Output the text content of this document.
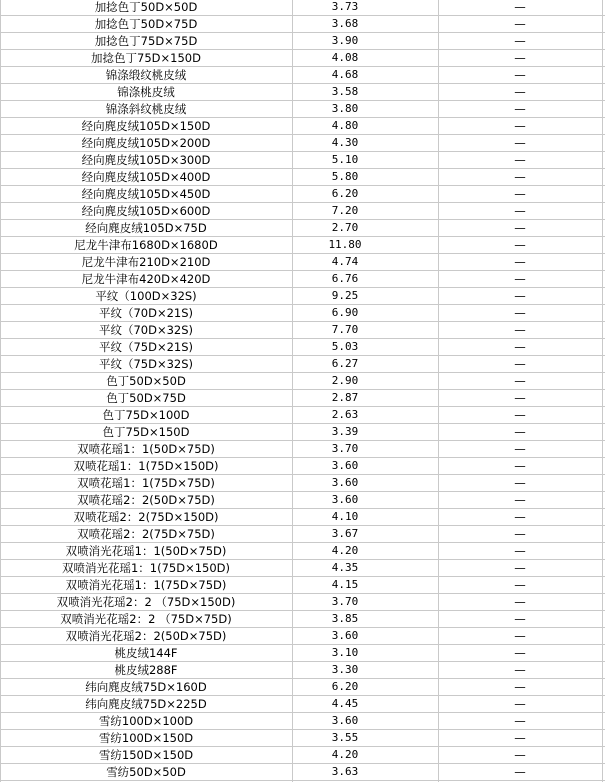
加捻色丁50D×50D	3.73	—
加捻色丁50D×75D	3.68	—
加捻色丁75D×75D	3.90	—
加捻色丁75D×150D	4.08	—
锦涤缎纹桃皮绒	4.68	—
锦涤桃皮绒	3.58	—
锦涤斜纹桃皮绒	3.80	—
经向麂皮绒105D×150D	4.80	—
经向麂皮绒105D×200D	4.30	—
经向麂皮绒105D×300D	5.10	—
经向麂皮绒105D×400D	5.80	—
经向麂皮绒105D×450D	6.20	—
经向麂皮绒105D×600D	7.20	—
经向麂皮绒105D×75D	2.70	—
尼龙牛津布1680D×1680D	11.80	—
尼龙牛津布210D×210D	4.74	—
尼龙牛津布420D×420D	6.76	—
平纹（100D×32S)	9.25	—
平纹（70D×21S)	6.90	—
平纹（70D×32S)	7.70	—
平纹（75D×21S)	5.03	—
平纹（75D×32S)	6.27	—
色丁50D×50D	2.90	—
色丁50D×75D	2.87	—
色丁75D×100D	2.63	—
色丁75D×150D	3.39	—
双喷花瑶1：1(50D×75D)	3.70	—
双喷花瑶1：1(75D×150D)	3.60	—
双喷花瑶1：1(75D×75D)	3.60	—
双喷花瑶2：2(50D×75D)	3.60	—
双喷花瑶2：2(75D×150D)	4.10	—
双喷花瑶2：2(75D×75D)	3.67	—
双喷消光花瑶1：1(50D×75D)	4.20	—
双喷消光花瑶1：1(75D×150D)	4.35	—
双喷消光花瑶1：1(75D×75D)	4.15	—
双喷消光花瑶2：2 （75D×150D)	3.70	—
双喷消光花瑶2：2 （75D×75D)	3.85	—
双喷消光花瑶2：2(50D×75D)	3.60	—
桃皮绒144F	3.10	—
桃皮绒288F	3.30	—
纬向麂皮绒75D×160D	6.20	—
纬向麂皮绒75D×225D	4.45	—
雪纺100D×100D	3.60	—
雪纺100D×150D	3.55	—
雪纺150D×150D	4.20	—
雪纺50D×50D	3.63	—
